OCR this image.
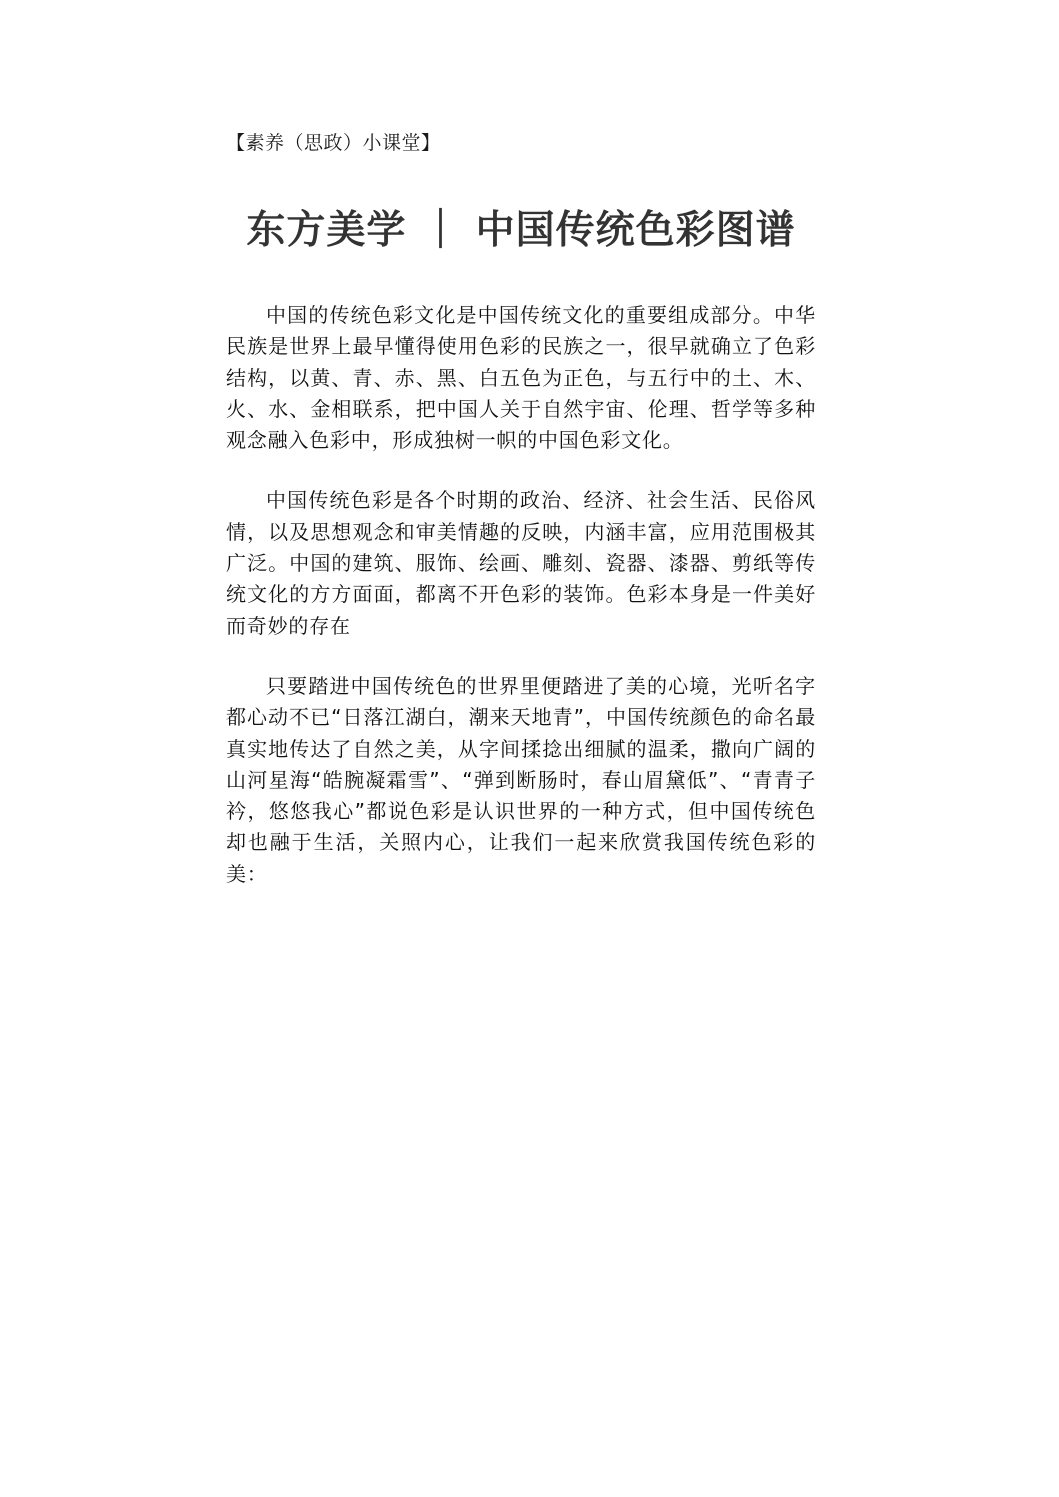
【素养（思政）小课堂】

东方美学 ｜ 中国传统色彩图谱

中国的传统色彩文化是中国传统文化的重要组成部分。中华民族是世界上最早懂得使用色彩的民族之一，很早就确立了色彩结构，以黄、青、赤、黑、白五色为正色，与五行中的土、木、火、水、金相联系，把中国人关于自然宇宙、伦理、哲学等多种观念融入色彩中，形成独树一帜的中国色彩文化。

中国传统色彩是各个时期的政治、经济、社会生活、民俗风情，以及思想观念和审美情趣的反映，内涵丰富，应用范围极其广泛。中国的建筑、服饰、绘画、雕刻、瓷器、漆器、剪纸等传统文化的方方面面，都离不开色彩的装饰。色彩本身是一件美好而奇妙的存在

只要踏进中国传统色的世界里便踏进了美的心境，光听名字都心动不已“日落江湖白，潮来天地青”，中国传统颜色的命名最真实地传达了自然之美，从字间揉捻出细腻的温柔，撒向广阔的山河星海“皓腕凝霜雪”、“弹到断肠时，春山眉黛低”、“青青子衿，悠悠我心”都说色彩是认识世界的一种方式，但中国传统色却也融于生活，关照内心，让我们一起来欣赏我国传统色彩的美：
